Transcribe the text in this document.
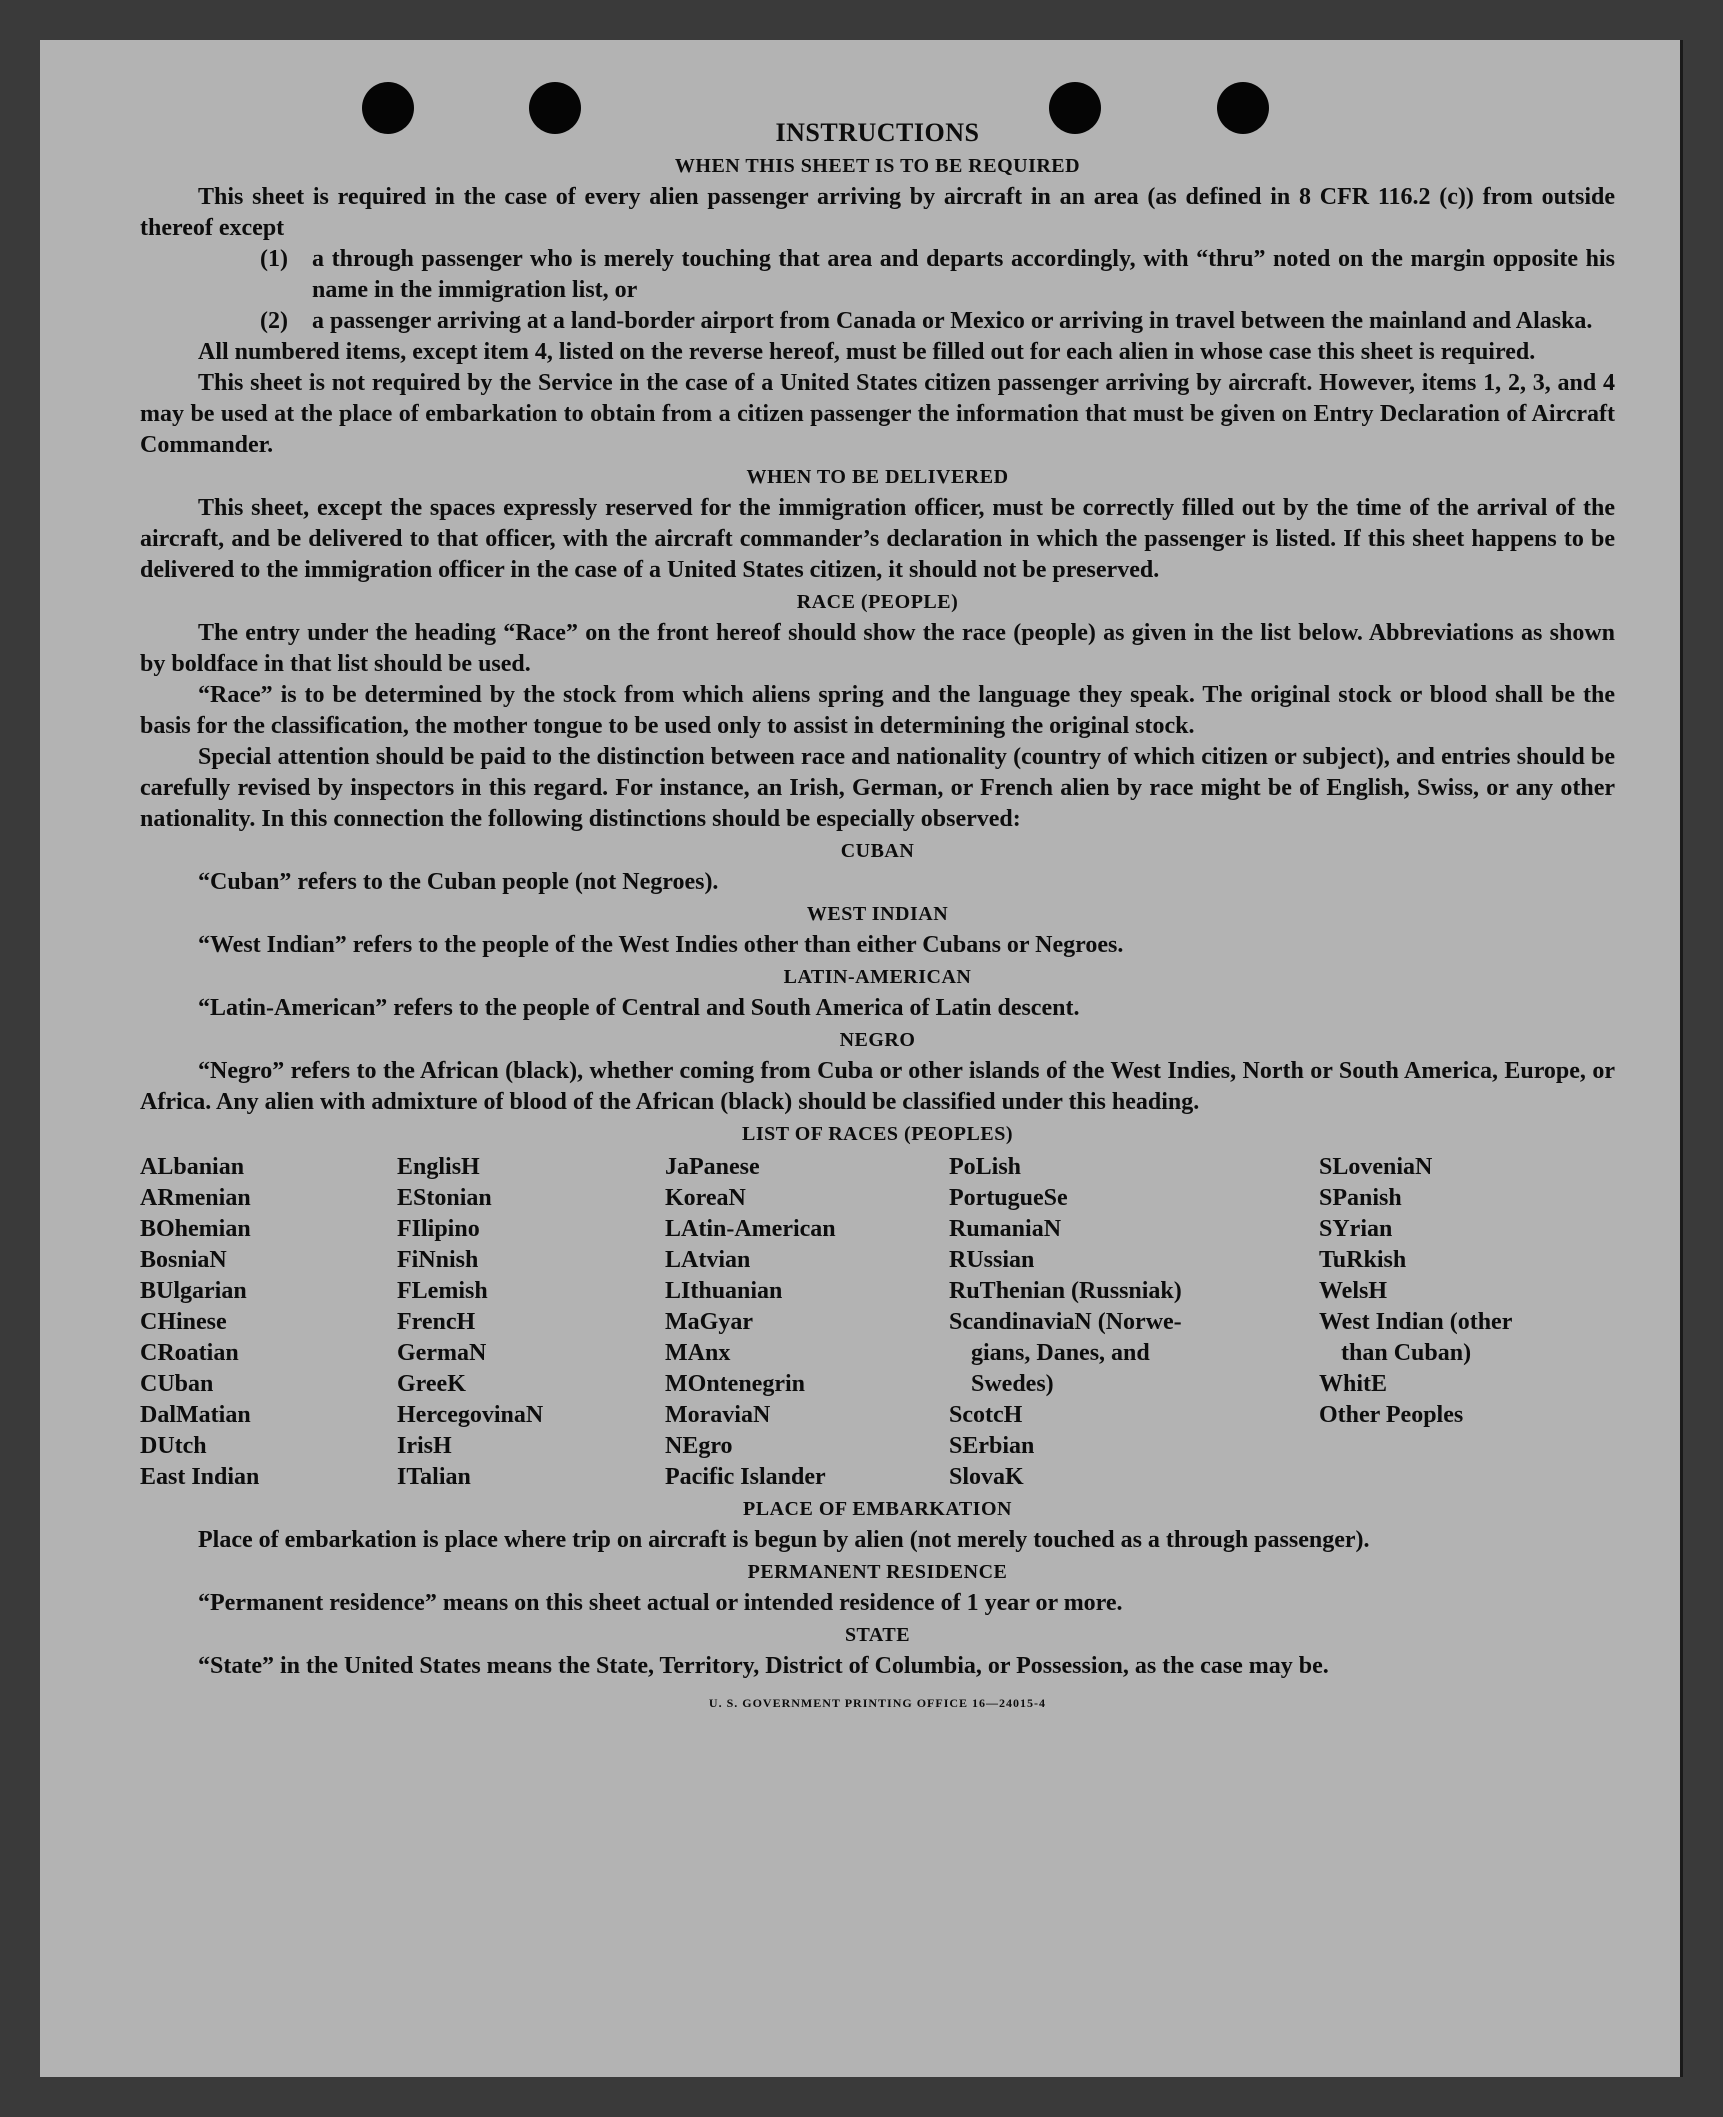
INSTRUCTIONS
WHEN THIS SHEET IS TO BE REQUIRED

This sheet is required in the case of every alien passenger arriving by aircraft in an area (as defined in 8 CFR 116.2 (c)) from outside thereof except

(1) a through passenger who is merely touching that area and departs accordingly, with “thru” noted on the margin opposite his name in the immigration list, or
(2) a passenger arriving at a land-border airport from Canada or Mexico or arriving in travel between the mainland and Alaska.

All numbered items, except item 4, listed on the reverse hereof, must be filled out for each alien in whose case this sheet is required.

This sheet is not required by the Service in the case of a United States citizen passenger arriving by aircraft. However, items 1, 2, 3, and 4 may be used at the place of embarkation to obtain from a citizen passenger the information that must be given on Entry Declaration of Aircraft Commander.

WHEN TO BE DELIVERED

This sheet, except the spaces expressly reserved for the immigration officer, must be correctly filled out by the time of the arrival of the aircraft, and be delivered to that officer, with the aircraft commander’s declaration in which the passenger is listed. If this sheet happens to be delivered to the immigration officer in the case of a United States citizen, it should not be preserved.

RACE (PEOPLE)

The entry under the heading “Race” on the front hereof should show the race (people) as given in the list below. Abbreviations as shown by boldface in that list should be used.

“Race” is to be determined by the stock from which aliens spring and the language they speak. The original stock or blood shall be the basis for the classification, the mother tongue to be used only to assist in determining the original stock.

Special attention should be paid to the distinction between race and nationality (country of which citizen or subject), and entries should be carefully revised by inspectors in this regard. For instance, an Irish, German, or French alien by race might be of English, Swiss, or any other nationality. In this connection the following distinctions should be especially observed:

CUBAN

“Cuban” refers to the Cuban people (not Negroes).

WEST INDIAN

“West Indian” refers to the people of the West Indies other than either Cubans or Negroes.

LATIN-AMERICAN

“Latin-American” refers to the people of Central and South America of Latin descent.

NEGRO

“Negro” refers to the African (black), whether coming from Cuba or other islands of the West Indies, North or South America, Europe, or Africa. Any alien with admixture of blood of the African (black) should be classified under this heading.

LIST OF RACES (PEOPLES)
ALbanian
ARmenian
BOhemian
BosniaN
BUlgarian
CHinese
CRoatian
CUban
DalMatian
DUtch
East Indian
EnglisH
EStonian
FIlipino
FiNnish
FLemish
FrencH
GermaN
GreeK
HercegovinaN
IrisH
ITalian
JaPanese
KoreaN
LAtin-American
LAtvian
LIthuanian
MaGyar
MAnx
MOntenegrin
MoraviaN
NEgro
Pacific Islander
PoLish
PortugueSe
RumaniaN
RUssian
RuThenian (Russniak)
ScandinaviaN (Norwe-
gians, Danes, and
Swedes)
ScotcH
SErbian
SlovaK
SLoveniaN
SPanish
SYrian
TuRkish
WelsH
West Indian (other
than Cuban)
WhitE
Other Peoples
PLACE OF EMBARKATION

Place of embarkation is place where trip on aircraft is begun by alien (not merely touched as a through passenger).

PERMANENT RESIDENCE

“Permanent residence” means on this sheet actual or intended residence of 1 year or more.

STATE

“State” in the United States means the State, Territory, District of Columbia, or Possession, as the case may be.

U. S. GOVERNMENT PRINTING OFFICE 16—24015-4
